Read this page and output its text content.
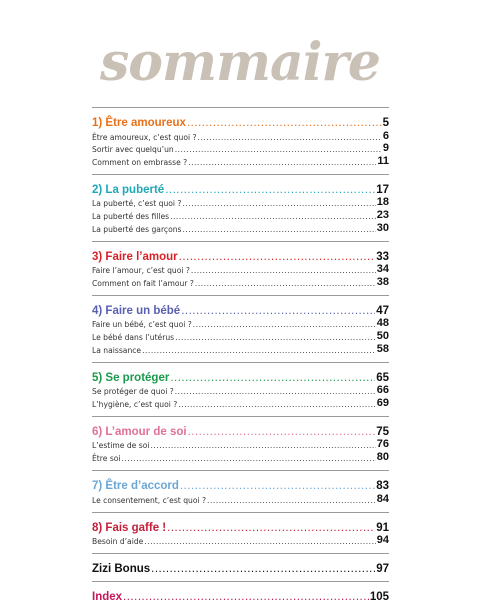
sommaire
1) Être amoureux .....	5
Être amoureux, c’est quoi ? .....	6
Sortir avec quelqu’un .....	9
Comment on embrasse ? .....	11
2) La puberté .....	17
La puberté, c’est quoi ? .....	18
La puberté des filles .....	23
La puberté des garçons .....	30
3) Faire l’amour .....	33
Faire l’amour, c’est quoi ? .....	34
Comment on fait l’amour ? .....	38
4) Faire un bébé .....	47
Faire un bébé, c’est quoi ? .....	48
Le bébé dans l’utérus .....	50
La naissance .....	58
5) Se protéger .....	65
Se protéger de quoi ? .....	66
L’hygiène, c’est quoi ? .....	69
6) L’amour de soi .....	75
L’estime de soi .....	76
Être soi .....	80
7) Être d’accord .....	83
Le consentement, c’est quoi ? .....	84
8) Fais gaffe ! .....	91
Besoin d’aide .....	94
Zizi Bonus .....	97
Index .....	105
